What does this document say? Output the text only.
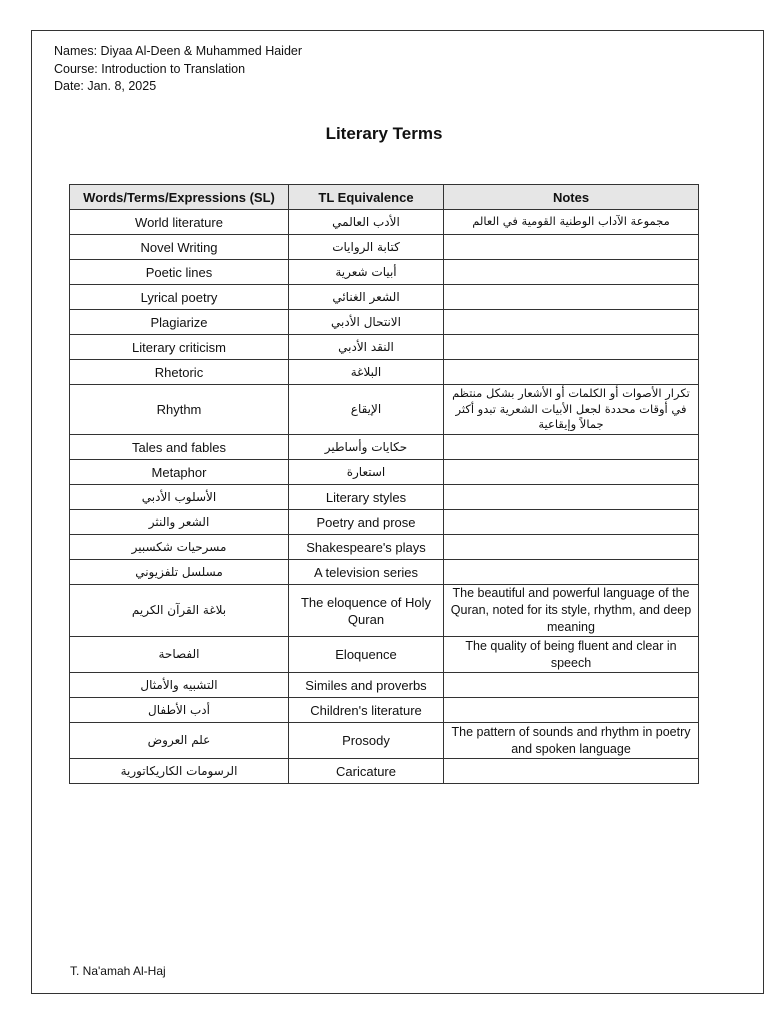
Names: Diyaa Al-Deen & Muhammed Haider
Course: Introduction to Translation
Date: Jan. 8, 2025
Literary Terms
Words/Terms/Expressions (SL)	TL Equivalence	Notes
World literature	الأدب العالمي	مجموعة الآداب الوطنية القومية في العالم
Novel Writing	كتابة الروايات	
Poetic lines	أبيات شعرية	
Lyrical poetry	الشعر الغنائي	
Plagiarize	الانتحال الأدبي	
Literary criticism	النقد الأدبي	
Rhetoric	البلاغة	
Rhythm	الإيقاع	تكرار الأصوات أو الكلمات أو الأشعار بشكل منتظم في أوقات محددة لجعل الأبيات الشعرية تبدو أكثر جمالاً وإيقاعية
Tales and fables	حكايات وأساطير	
Metaphor	استعارة	
الأسلوب الأدبي	Literary styles	
الشعر والنثر	Poetry and prose	
مسرحيات شكسبير	Shakespeare's plays	
مسلسل تلفزيوني	A television series	
بلاغة القرآن الكريم	The eloquence of Holy Quran	The beautiful and powerful language of the Quran, noted for its style, rhythm, and deep meaning
الفصاحة	Eloquence	The quality of being fluent and clear in speech
التشبيه والأمثال	Similes and proverbs	
أدب الأطفال	Children's literature	
علم العروض	Prosody	The pattern of sounds and rhythm in poetry and spoken language
الرسومات الكاريكاتورية	Caricature	
T. Na'amah Al-Haj
